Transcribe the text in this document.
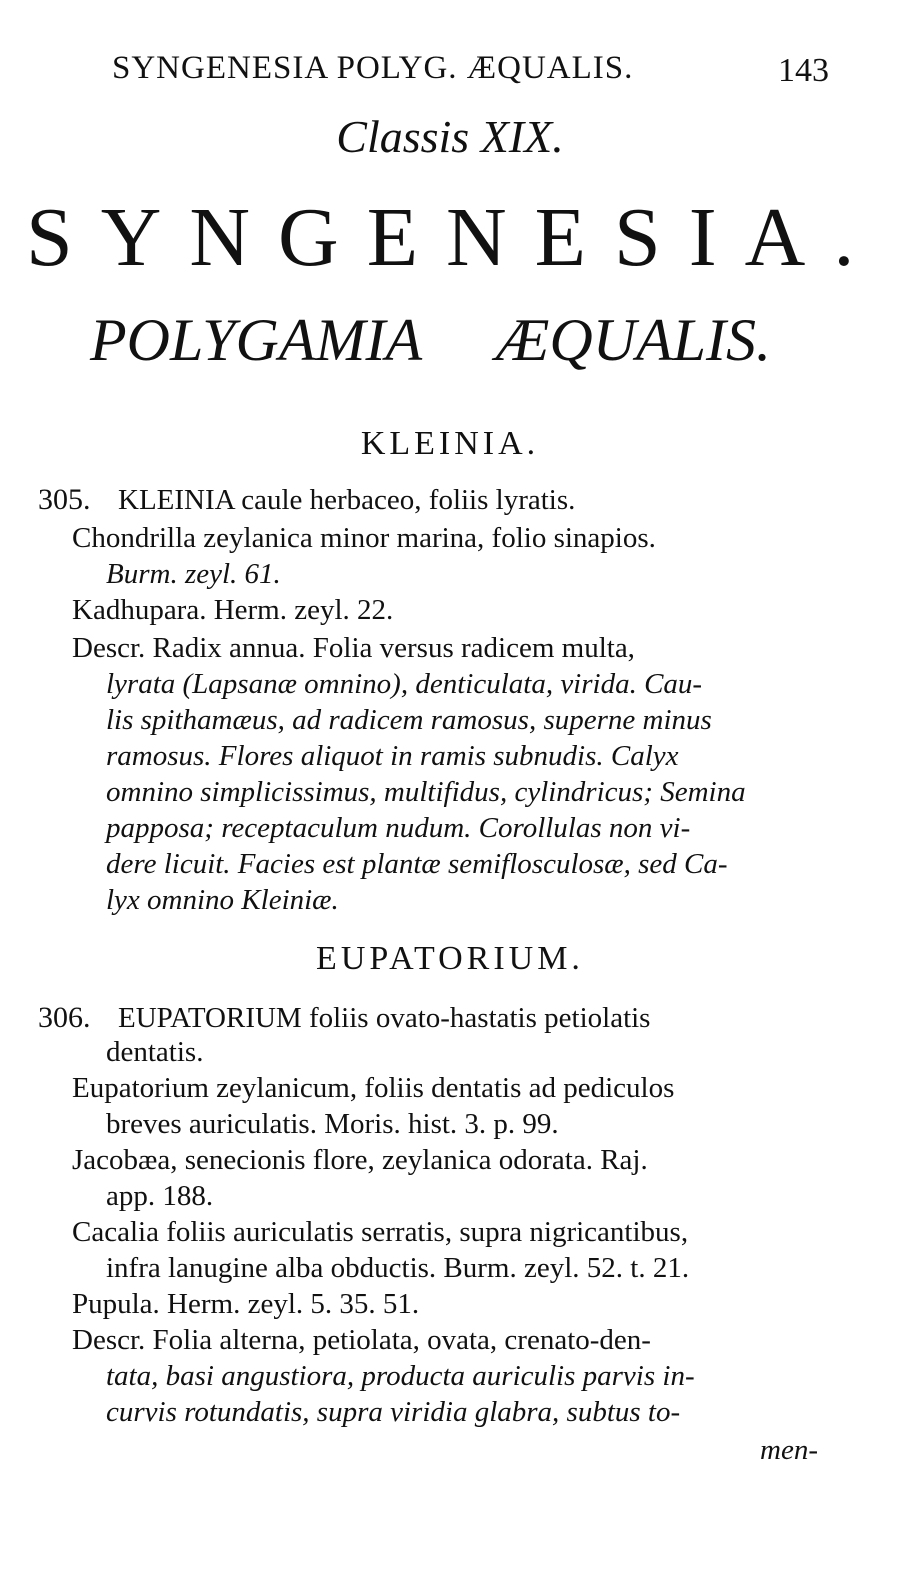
SYNGENESIA POLYG. ÆQUALIS.	143
Classis XIX.
SYNGENESIA.
POLYGAMIA ÆQUALIS.
KLEINIA.
305. KLEINIA caule herbaceo, foliis lyratis.
Chondrilla zeylanica minor marina, folio sinapios.
Burm. zeyl. 61.
Kadhupara. Herm. zeyl. 22.
Descr. Radix annua. Folia versus radicem multa,
lyrata (Lapsanæ omnino), denticulata, virida. Cau-
lis spithamæus, ad radicem ramosus, superne minus
ramosus. Flores aliquot in ramis subnudis. Calyx
omnino simplicissimus, multifidus, cylindricus; Semina
papposa; receptaculum nudum. Corollulas non vi-
dere licuit. Facies est plantæ semiflosculosæ, sed Ca-
lyx omnino Kleiniæ.
EUPATORIUM.
306. EUPATORIUM foliis ovato-hastatis petiolatis
dentatis.
Eupatorium zeylanicum, foliis dentatis ad pediculos
breves auriculatis. Moris. hist. 3. p. 99.
Jacobæa, senecionis flore, zeylanica odorata. Raj.
app. 188.
Cacalia foliis auriculatis serratis, supra nigricantibus,
infra lanugine alba obductis. Burm. zeyl. 52. t. 21.
Pupula. Herm. zeyl. 5. 35. 51.
Descr. Folia alterna, petiolata, ovata, crenato-den-
tata, basi angustiora, producta auriculis parvis in-
curvis rotundatis, supra viridia glabra, subtus to-
men-
